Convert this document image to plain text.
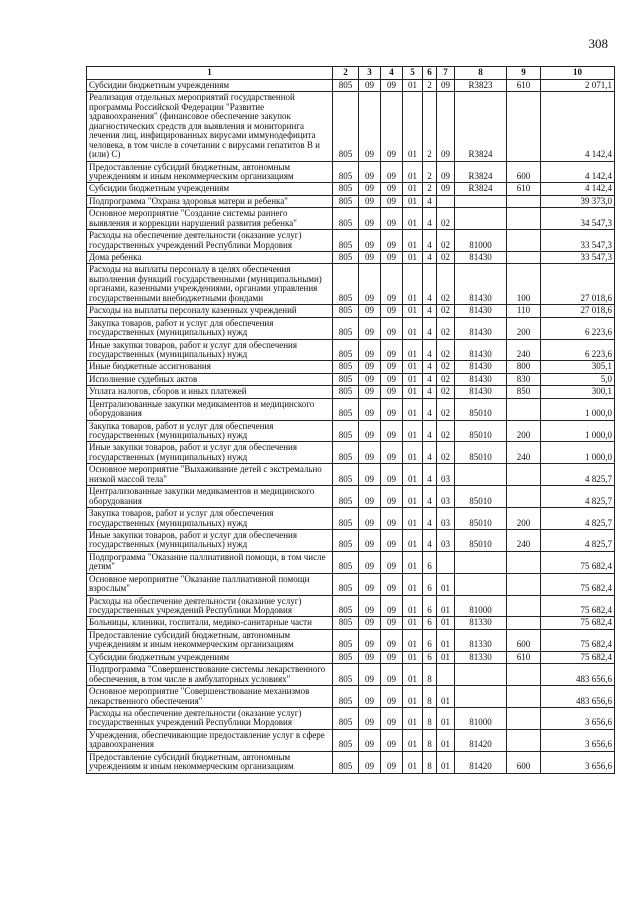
308
1	2	3	4	5	6	7	8	9	10
Субсидии бюджетным учреждениям	805	09	09	01	2	09	R3823	610	2 071,1
Реализация отдельных мероприятий государственной программы Российской Федерации "Развитие здравоохранения" (финансовое обеспечение закупок диагностических средств для выявления и мониторинга лечения лиц, инфицированных вирусами иммунодефицита человека, в том числе в сочетании с вирусами гепатитов В и (или) С)	805	09	09	01	2	09	R3824		4 142,4
Предоставление субсидий бюджетным, автономным учреждениям и иным некоммерческим организациям	805	09	09	01	2	09	R3824	600	4 142,4
Субсидии бюджетным учреждениям	805	09	09	01	2	09	R3824	610	4 142,4
Подпрограмма "Охрана здоровья матери и ребенка"	805	09	09	01	4				39 373,0
Основное мероприятие "Создание системы раннего выявления и коррекции нарушений развития ребенка"	805	09	09	01	4	02			34 547,3
Расходы на обеспечение деятельности (оказание услуг) государственных учреждений Республики Мордовия	805	09	09	01	4	02	81000		33 547,3
Дома ребенка	805	09	09	01	4	02	81430		33 547,3
Расходы на выплаты персоналу в целях обеспечения выполнения функций государственными (муниципальными) органами, казенными учреждениями, органами управления государственными внебюджетными фондами	805	09	09	01	4	02	81430	100	27 018,6
Расходы на выплаты персоналу казенных учреждений	805	09	09	01	4	02	81430	110	27 018,6
Закупка товаров, работ и услуг для обеспечения государственных (муниципальных) нужд	805	09	09	01	4	02	81430	200	6 223,6
Иные закупки товаров, работ и услуг для обеспечения государственных (муниципальных) нужд	805	09	09	01	4	02	81430	240	6 223,6
Иные бюджетные ассигнования	805	09	09	01	4	02	81430	800	305,1
Исполнение судебных актов	805	09	09	01	4	02	81430	830	5,0
Уплата налогов, сборов и иных платежей	805	09	09	01	4	02	81430	850	300,1
Централизованные закупки медикаментов и медицинского оборудования	805	09	09	01	4	02	85010		1 000,0
Закупка товаров, работ и услуг для обеспечения государственных (муниципальных) нужд	805	09	09	01	4	02	85010	200	1 000,0
Иные закупки товаров, работ и услуг для обеспечения государственных (муниципальных) нужд	805	09	09	01	4	02	85010	240	1 000,0
Основное мероприятие "Выхаживание детей с экстремально низкой массой тела"	805	09	09	01	4	03			4 825,7
Централизованные закупки медикаментов и медицинского оборудования	805	09	09	01	4	03	85010		4 825,7
Закупка товаров, работ и услуг для обеспечения государственных (муниципальных) нужд	805	09	09	01	4	03	85010	200	4 825,7
Иные закупки товаров, работ и услуг для обеспечения государственных (муниципальных) нужд	805	09	09	01	4	03	85010	240	4 825,7
Подпрограмма "Оказание паллиативной помощи, в том числе детям"	805	09	09	01	6				75 682,4
Основное мероприятие "Оказание паллиативной помощи взрослым"	805	09	09	01	6	01			75 682,4
Расходы на обеспечение деятельности (оказание услуг) государственных учреждений Республики Мордовия	805	09	09	01	6	01	81000		75 682,4
Больницы, клиники, госпитали, медико-санитарные части	805	09	09	01	6	01	81330		75 682,4
Предоставление субсидий бюджетным, автономным учреждениям и иным некоммерческим организациям	805	09	09	01	6	01	81330	600	75 682,4
Субсидии бюджетным учреждениям	805	09	09	01	6	01	81330	610	75 682,4
Подпрограмма "Совершенствование системы лекарственного обеспечения, в том числе в амбулаторных условиях"	805	09	09	01	8				483 656,6
Основное мероприятие "Совершенствование механизмов лекарственного обеспечения"	805	09	09	01	8	01			483 656,6
Расходы на обеспечение деятельности (оказание услуг) государственных учреждений Республики Мордовия	805	09	09	01	8	01	81000		3 656,6
Учреждения, обеспечивающие предоставление услуг в сфере здравоохранения	805	09	09	01	8	01	81420		3 656,6
Предоставление субсидий бюджетным, автономным учреждениям и иным некоммерческим организациям	805	09	09	01	8	01	81420	600	3 656,6
